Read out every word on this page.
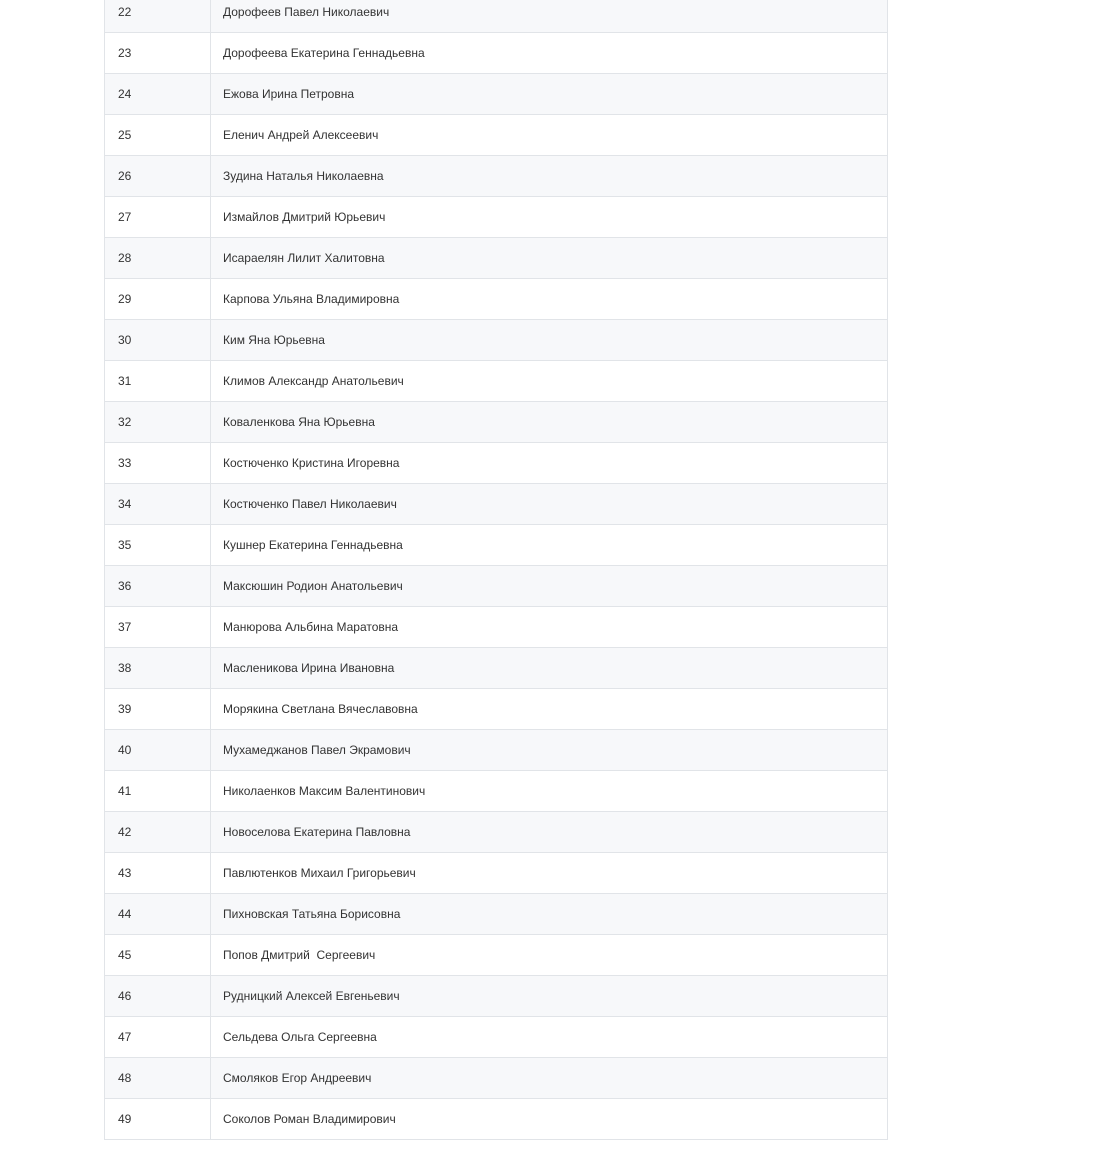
22	Дорофеев Павел Николаевич
23	Дорофеева Екатерина Геннадьевна
24	Ежова Ирина Петровна
25	Еленич Андрей Алексеевич
26	Зудина Наталья Николаевна
27	Измайлов Дмитрий Юрьевич
28	Исараелян Лилит Халитовна
29	Карпова Ульяна Владимировна
30	Ким Яна Юрьевна
31	Климов Александр Анатольевич
32	Коваленкова Яна Юрьевна
33	Костюченко Кристина Игоревна
34	Костюченко Павел Николаевич
35	Кушнер Екатерина Геннадьевна
36	Максюшин Родион Анатольевич
37	Манюрова Альбина Маратовна
38	Масленикова Ирина Ивановна
39	Морякина Светлана Вячеславовна
40	Мухамеджанов Павел Экрамович
41	Николаенков Максим Валентинович
42	Новоселова Екатерина Павловна
43	Павлютенков Михаил Григорьевич
44	Пихновская Татьяна Борисовна
45	Попов Дмитрий  Сергеевич
46	Рудницкий Алексей Евгеньевич
47	Сельдева Ольга Сергеевна
48	Смоляков Егор Андреевич
49	Соколов Роман Владимирович
